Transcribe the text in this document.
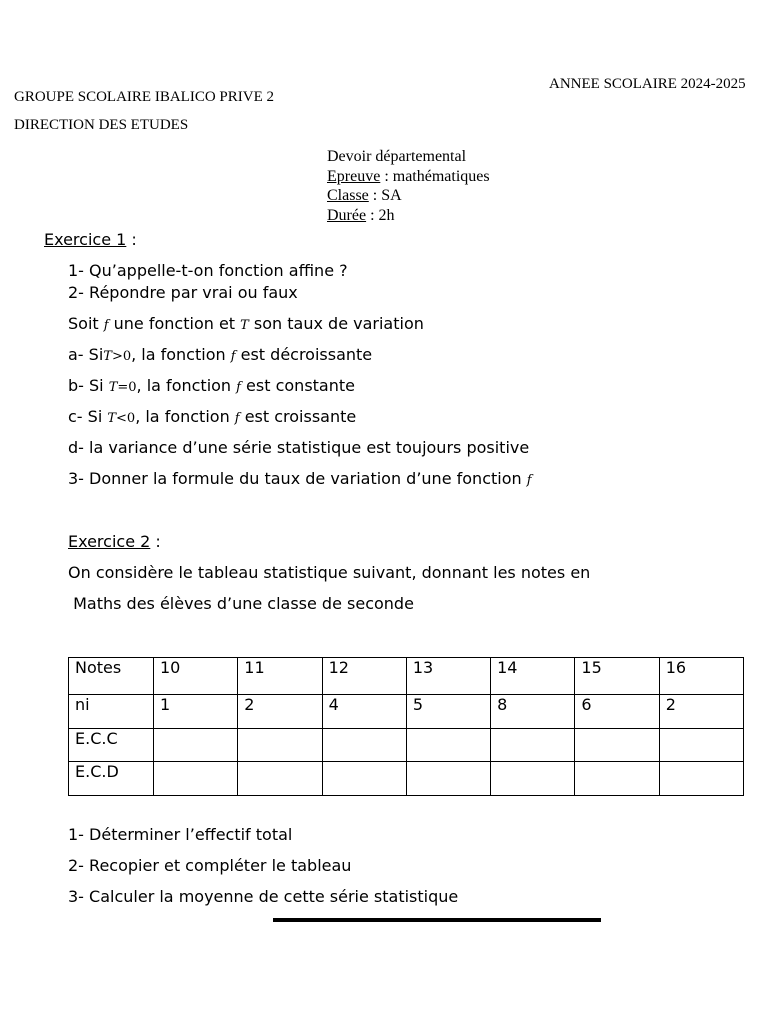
ANNEE SCOLAIRE 2024-2025
GROUPE SCOLAIRE IBALICO PRIVE 2
DIRECTION DES ETUDES
Devoir départemental
Epreuve : mathématiques
Classe : SA
Durée : 2h
Exercice 1 :
1- Qu’appelle-t-on fonction affine ?
2- Répondre par vrai ou faux
Soit f une fonction et T son taux de variation
a- SiT>0, la fonction f est décroissante
b- Si T=0, la fonction f est constante
c- Si T<0, la fonction f est croissante
d- la variance d’une série statistique est toujours positive
3- Donner la formule du taux de variation d’une fonction f
Exercice 2 :
On considère le tableau statistique suivant, donnant les notes en
Maths des élèves d’une classe de seconde
Notes	10	11	12	13	14	15	16
ni	1	2	4	5	8	6	2
E.C.C							
E.C.D							
1- Déterminer l’effectif total
2- Recopier et compléter le tableau
3- Calculer la moyenne de cette série statistique
